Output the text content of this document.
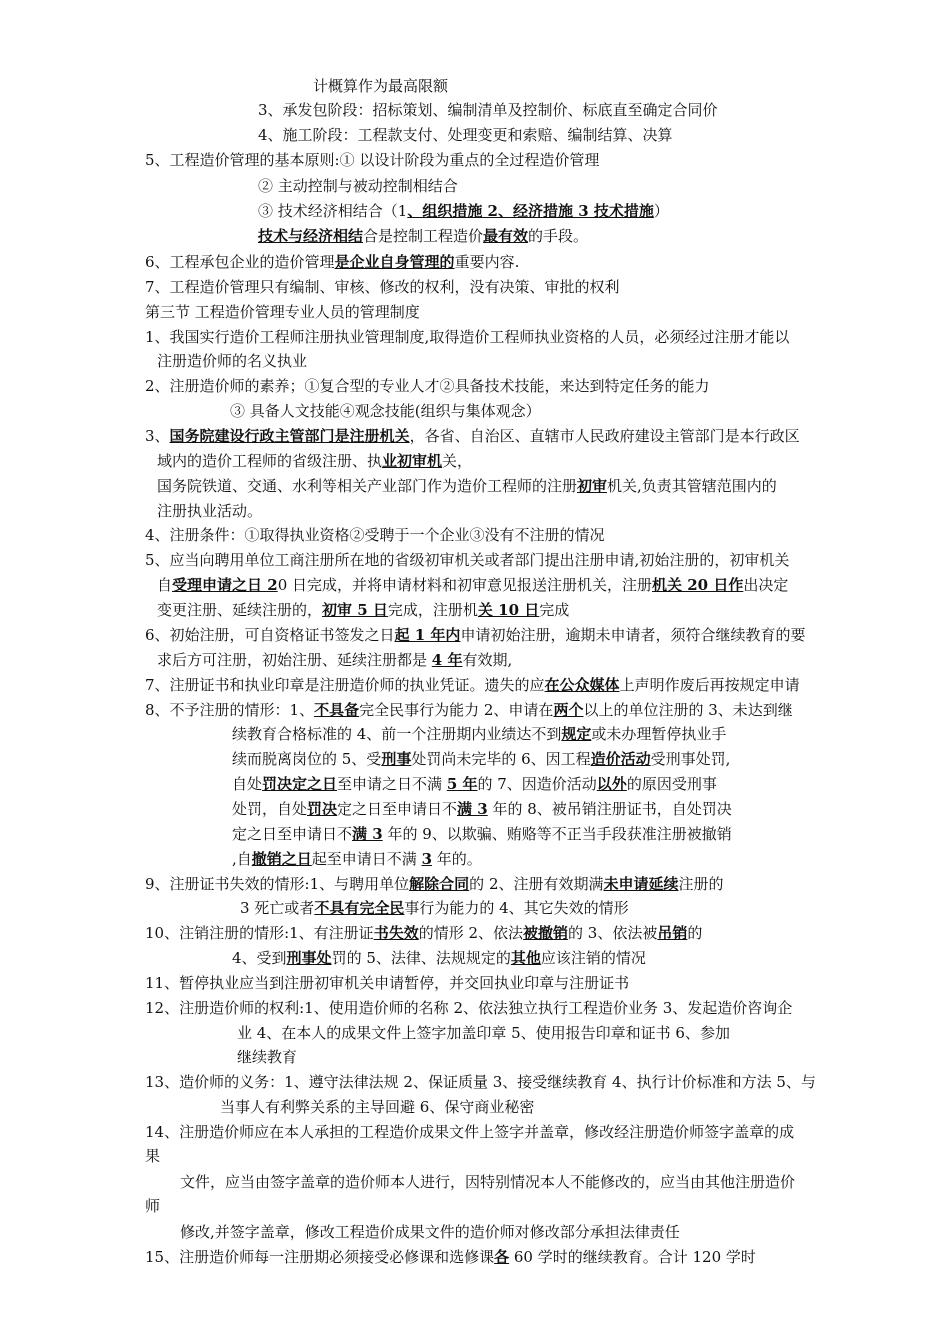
计概算作为最高限额
3、承发包阶段：招标策划、编制清单及控制价、标底直至确定合同价
4、施工阶段：工程款支付、处理变更和索赔、编制结算、决算
5、工程造价管理的基本原则:① 以设计阶段为重点的全过程造价管理
② 主动控制与被动控制相结合
③ 技术经济相结合（1、组织措施 2、经济措施 3 技术措施）
技术与经济相结合是控制工程造价最有效的手段。
6、工程承包企业的造价管理是企业自身管理的重要内容.
7、工程造价管理只有编制、审核、修改的权利，没有决策、审批的权利
第三节 工程造价管理专业人员的管理制度
1、我国实行造价工程师注册执业管理制度,取得造价工程师执业资格的人员，必须经过注册才能以
注册造价师的名义执业
2、注册造价师的素养；①复合型的专业人才②具备技术技能，来达到特定任务的能力
③ 具备人文技能④观念技能(组织与集体观念）
3、国务院建设行政主管部门是注册机关，各省、自治区、直辖市人民政府建设主管部门是本行政区
域内的造价工程师的省级注册、执业初审机关，
国务院铁道、交通、水利等相关产业部门作为造价工程师的注册初审机关,负责其管辖范围内的
注册执业活动。
4、注册条件：①取得执业资格②受聘于一个企业③没有不注册的情况
5、应当向聘用单位工商注册所在地的省级初审机关或者部门提出注册申请,初始注册的，初审机关
自受理申请之日 20 日完成，并将申请材料和初审意见报送注册机关，注册机关 20 日作出决定
变更注册、延续注册的，初审 5 日完成，注册机关 10 日完成
6、初始注册，可自资格证书签发之日起 1 年内申请初始注册，逾期未申请者，须符合继续教育的要
求后方可注册，初始注册、延续注册都是 4 年有效期,
7、注册证书和执业印章是注册造价师的执业凭证。遗失的应在公众媒体上声明作废后再按规定申请
8、不予注册的情形：1、不具备完全民事行为能力 2、申请在两个以上的单位注册的 3、未达到继
续教育合格标准的 4、前一个注册期内业绩达不到规定或未办理暂停执业手
续而脱离岗位的 5、受刑事处罚尚未完毕的 6、因工程造价活动受刑事处罚,
自处罚决定之日至申请之日不满 5 年的 7、因造价活动以外的原因受刑事
处罚，自处罚决定之日至申请日不满 3 年的 8、被吊销注册证书，自处罚决
定之日至申请日不满 3 年的 9、以欺骗、贿赂等不正当手段获准注册被撤销
,自撤销之日起至申请日不满 3 年的。
9、注册证书失效的情形:1、与聘用单位解除合同的 2、注册有效期满未申请延续注册的
3 死亡或者不具有完全民事行为能力的 4、其它失效的情形
10、注销注册的情形:1、有注册证书失效的情形 2、依法被撤销的 3、依法被吊销的
4、受到刑事处罚的 5、法律、法规规定的其他应该注销的情况
11、暂停执业应当到注册初审机关申请暂停，并交回执业印章与注册证书
12、注册造价师的权利:1、使用造价师的名称 2、依法独立执行工程造价业务 3、发起造价咨询企
业 4、在本人的成果文件上签字加盖印章 5、使用报告印章和证书 6、参加
继续教育
13、造价师的义务：1、遵守法律法规 2、保证质量 3、接受继续教育 4、执行计价标准和方法 5、与
当事人有利弊关系的主导回避 6、保守商业秘密
14、注册造价师应在本人承担的工程造价成果文件上签字并盖章，修改经注册造价师签字盖章的成
果
文件，应当由签字盖章的造价师本人进行，因特别情况本人不能修改的，应当由其他注册造价
师
修改,并签字盖章，修改工程造价成果文件的造价师对修改部分承担法律责任
15、注册造价师每一注册期必须接受必修课和选修课各 60 学时的继续教育。合计 120 学时
